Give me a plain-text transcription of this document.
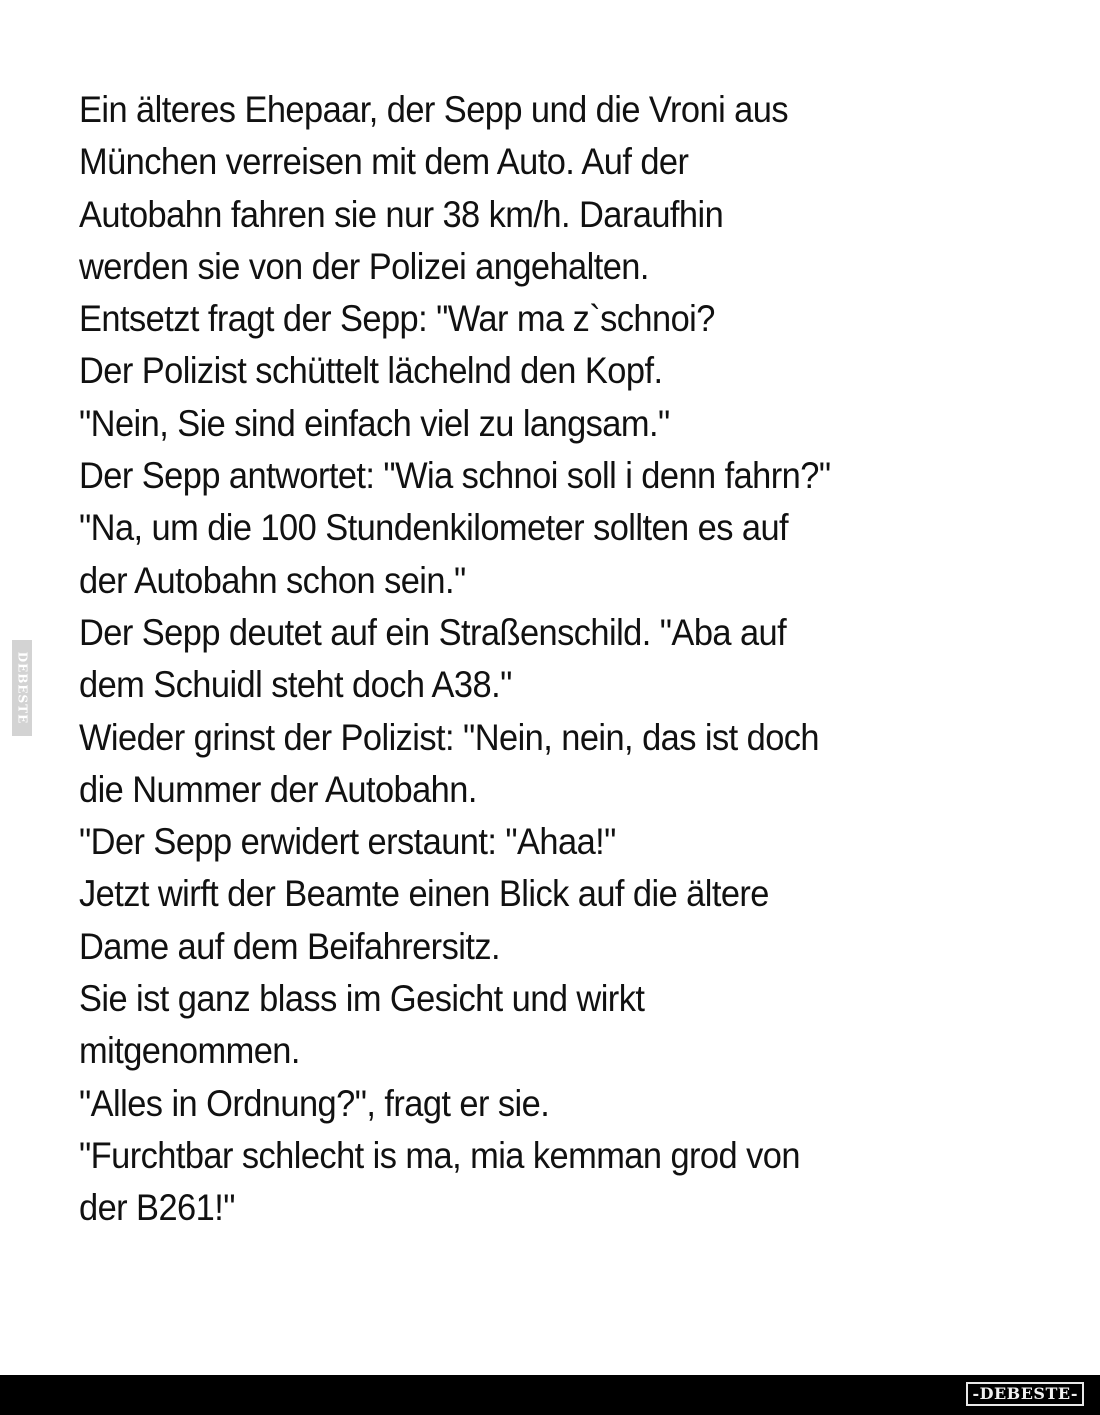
DEBESTE
Ein älteres Ehepaar, der Sepp und die Vroni aus
München verreisen mit dem Auto. Auf der
Autobahn fahren sie nur 38 km/h. Daraufhin
werden sie von der Polizei angehalten.
Entsetzt fragt der Sepp: "War ma z`schnoi?
Der Polizist schüttelt lächelnd den Kopf.
"Nein, Sie sind einfach viel zu langsam."
Der Sepp antwortet: "Wia schnoi soll i denn fahrn?"
"Na, um die 100 Stundenkilometer sollten es auf
der Autobahn schon sein."
Der Sepp deutet auf ein Straßenschild. "Aba auf
dem Schuidl steht doch A38."
Wieder grinst der Polizist: "Nein, nein, das ist doch
die Nummer der Autobahn.
"Der Sepp erwidert erstaunt: "Ahaa!"
Jetzt wirft der Beamte einen Blick auf die ältere
Dame auf dem Beifahrersitz.
Sie ist ganz blass im Gesicht und wirkt
mitgenommen.
"Alles in Ordnung?", fragt er sie.
"Furchtbar schlecht is ma, mia kemman grod von
der B261!"
-DEBESTE-
